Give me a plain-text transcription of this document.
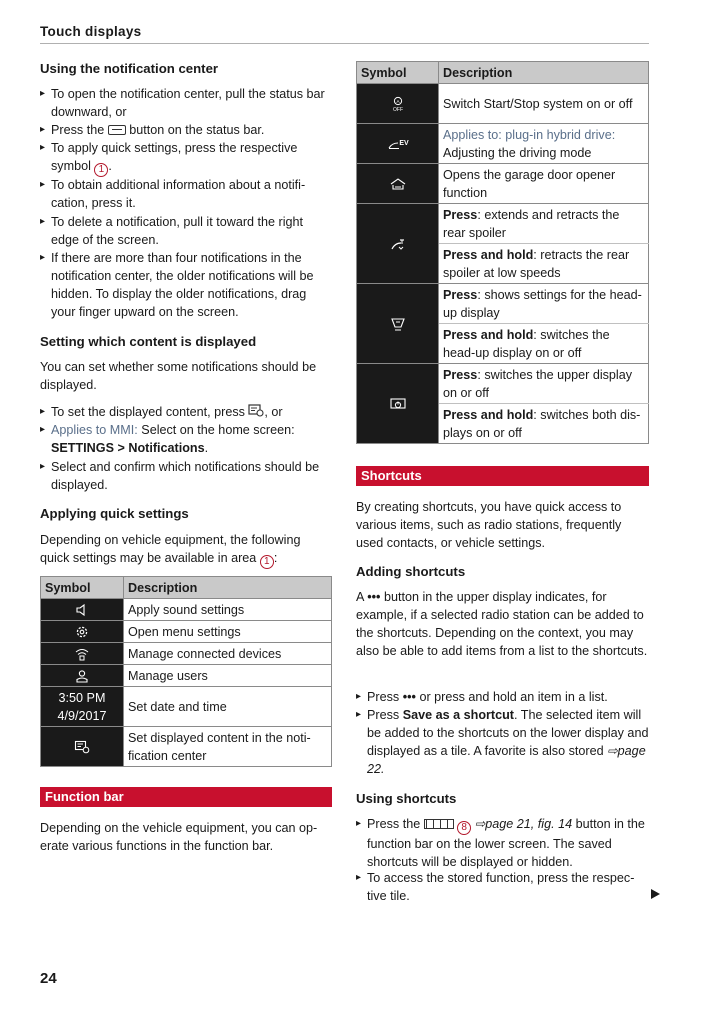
Touch displays
Using the notification center
▸ To open the notification center, pull the status bar downward, or
▸ Press the button on the status bar.
▸ To apply quick settings, press the respective symbol 1 .
▸ To obtain additional information about a notifi-cation, press it.
▸ To delete a notification, pull it toward the right edge of the screen.
▸ If there are more than four notifications in the notification center, the older notifications will be hidden. To display the older notifications, drag your finger upward on the screen.
Setting which content is displayed
You can set whether some notifications should be displayed.
▸ To set the displayed content, press , or
▸ Applies to MMI: Select on the home screen:
SETTINGS > Notifications.
▸ Select and confirm which notifications should be displayed.
Applying quick settings
Depending on vehicle equipment, the following quick settings may be available in area 1 :
Symbol	Description

	Apply sound settings

	Open menu settings

	Manage connected devices

	Manage users

3:50 PM
4/9/2017	Set date and time

	Set displayed content in the noti-fication center
Function bar
Depending on the vehicle equipment, you can op-erate various functions in the function bar.
Symbol	Description

A
OFF	Switch Start/Stop system on or off

EV	Applies to: plug-in hybrid drive:
Adjusting the driving mode

	Opens the garage door opener function

	Press: extends and retracts the rear spoiler
	Press and hold: retracts the rear spoiler at low speeds

	Press: shows settings for the head-up display
	Press and hold: switches the head-up display on or off

	Press: switches the upper display on or off
	Press and hold: switches both dis-plays on or off
Shortcuts
By creating shortcuts, you have quick access to various items, such as radio stations, frequently used contacts, or vehicle settings.
Adding shortcuts
A ••• button in the upper display indicates, for example, if a selected radio station can be added to the shortcuts. Depending on the context, you may also be able to add items from a list to the shortcuts.
▸ Press ••• or press and hold an item in a list.
▸ Press Save as a shortcut. The selected item will be added to the shortcuts on the lower display and displayed as a tile. A favorite is also stored ⇨page 22.
Using shortcuts
▸ Press the	8 ⇨page 21, fig. 14 button in the function bar on the lower screen. The saved shortcuts will be displayed or hidden.
▸ To access the stored function, press the respec-tive tile.
24
